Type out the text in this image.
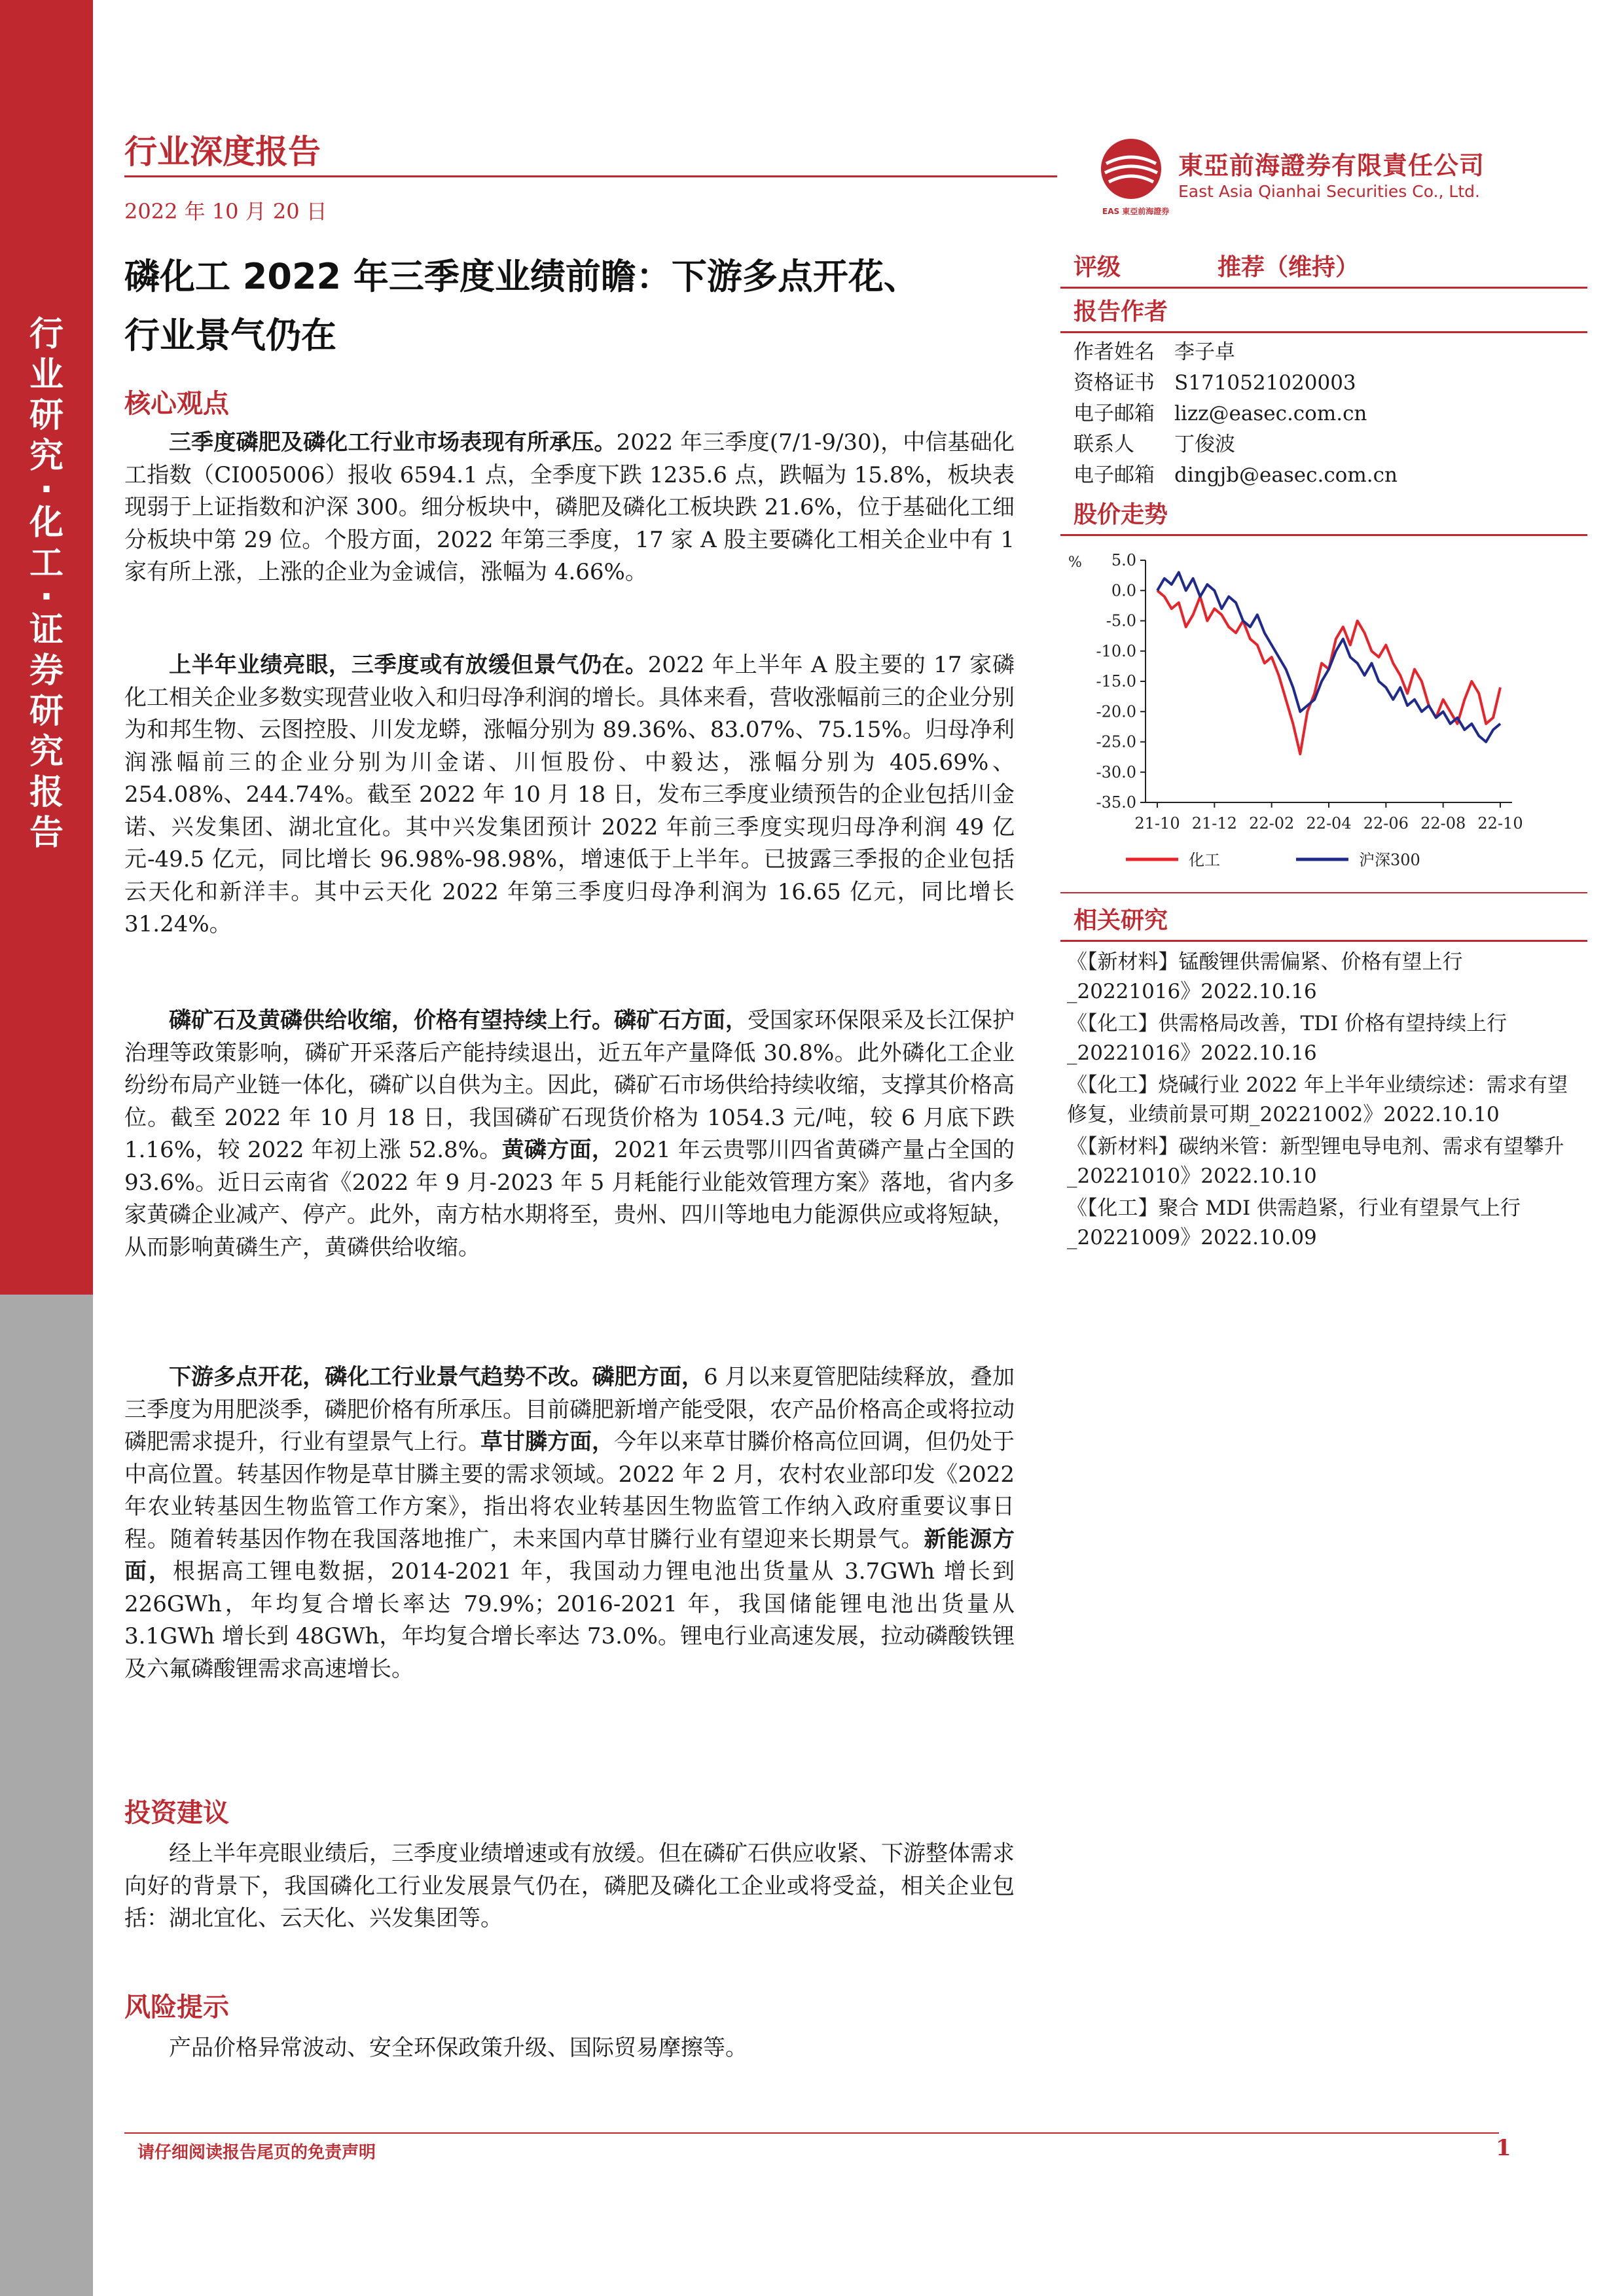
行
业
研
究
·
化
工
·
证
券
研
究
报
告
行业深度报告
2022 年 10 月 20 日	EAS 東亞前海證券
東亞前海證券有限責任公司
East Asia Qianhai Securities Co., Ltd.
磷化工 2022 年三季度业绩前瞻：下游多点开花、
行业景气仍在
核心观点
三季度磷肥及磷化工行业市场表现有所承压。2022 年三季度(7/1-9/30)，中信基础化工指数（CI005006）报收 6594.1 点，全季度下跌 1235.6 点，跌幅为 15.8%，板块表现弱于上证指数和沪深 300。细分板块中，磷肥及磷化工板块跌 21.6%，位于基础化工细分板块中第 29 位。个股方面，2022 年第三季度，17 家 A 股主要磷化工相关企业中有 1 家有所上涨，上涨的企业为金诚信，涨幅为 4.66%。
上半年业绩亮眼，三季度或有放缓但景气仍在。2022 年上半年 A 股主要的 17 家磷化工相关企业多数实现营业收入和归母净利润的增长。具体来看，营收涨幅前三的企业分别为和邦生物、云图控股、川发龙蟒，涨幅分别为 89.36%、83.07%、75.15%。归母净利润涨幅前三的企业分别为川金诺、川恒股份、中毅达，涨幅分别为 405.69%、254.08%、244.74%。截至 2022 年 10 月 18 日，发布三季度业绩预告的企业包括川金诺、兴发集团、湖北宜化。其中兴发集团预计 2022 年前三季度实现归母净利润 49 亿元-49.5 亿元，同比增长 96.98%-98.98%，增速低于上半年。已披露三季报的企业包括云天化和新洋丰。其中云天化 2022 年第三季度归母净利润为 16.65 亿元，同比增长 31.24%。
磷矿石及黄磷供给收缩，价格有望持续上行。磷矿石方面，受国家环保限采及长江保护治理等政策影响，磷矿开采落后产能持续退出，近五年产量降低 30.8%。此外磷化工企业纷纷布局产业链一体化，磷矿以自供为主。因此，磷矿石市场供给持续收缩，支撑其价格高位。截至 2022 年 10 月 18 日，我国磷矿石现货价格为 1054.3 元/吨，较 6 月底下跌 1.16%，较 2022 年初上涨 52.8%。黄磷方面，2021 年云贵鄂川四省黄磷产量占全国的 93.6%。近日云南省《2022 年 9 月-2023 年 5 月耗能行业能效管理方案》落地，省内多家黄磷企业减产、停产。此外，南方枯水期将至，贵州、四川等地电力能源供应或将短缺，从而影响黄磷生产，黄磷供给收缩。
下游多点开花，磷化工行业景气趋势不改。磷肥方面，6 月以来夏管肥陆续释放，叠加三季度为用肥淡季，磷肥价格有所承压。目前磷肥新增产能受限，农产品价格高企或将拉动磷肥需求提升，行业有望景气上行。草甘膦方面，今年以来草甘膦价格高位回调，但仍处于中高位置。转基因作物是草甘膦主要的需求领域。2022 年 2 月，农村农业部印发《2022 年农业转基因生物监管工作方案》，指出将农业转基因生物监管工作纳入政府重要议事日程。随着转基因作物在我国落地推广，未来国内草甘膦行业有望迎来长期景气。新能源方面，根据高工锂电数据，2014-2021 年，我国动力锂电池出货量从 3.7GWh 增长到 226GWh，年均复合增长率达 79.9%；2016-2021 年，我国储能锂电池出货量从 3.1GWh 增长到 48GWh，年均复合增长率达 73.0%。锂电行业高速发展，拉动磷酸铁锂及六氟磷酸锂需求高速增长。
投资建议
经上半年亮眼业绩后，三季度业绩增速或有放缓。但在磷矿石供应收紧、下游整体需求向好的背景下，我国磷化工行业发展景气仍在，磷肥及磷化工企业或将受益，相关企业包括：湖北宜化、云天化、兴发集团等。
风险提示
产品价格异常波动、安全环保政策升级、国际贸易摩擦等。
评级	推荐（维持）
报告作者
作者姓名 李子卓
资格证书 S1710521020003
电子邮箱 lizz@easec.com.cn
联系人 丁俊波
电子邮箱 dingjb@easec.com.cn
股价走势
% 5.0
0.0
-5.0
-10.0
-15.0
-20.0
-25.0
-30.0
-35.0
21-10 21-12 22-02 22-04 22-06 22-08 22-10
化工	沪深300
相关研究
《【新材料】锰酸锂供需偏紧、价格有望上行_20221016》2022.10.16
《【化工】供需格局改善，TDI 价格有望持续上行_20221016》2022.10.16
《【化工】烧碱行业 2022 年上半年业绩综述：需求有望修复，业绩前景可期_20221002》2022.10.10
《【新材料】碳纳米管：新型锂电导电剂、需求有望攀升_20221010》2022.10.10
《【化工】聚合 MDI 供需趋紧，行业有望景气上行_20221009》2022.10.09
请仔细阅读报告尾页的免责声明	1
